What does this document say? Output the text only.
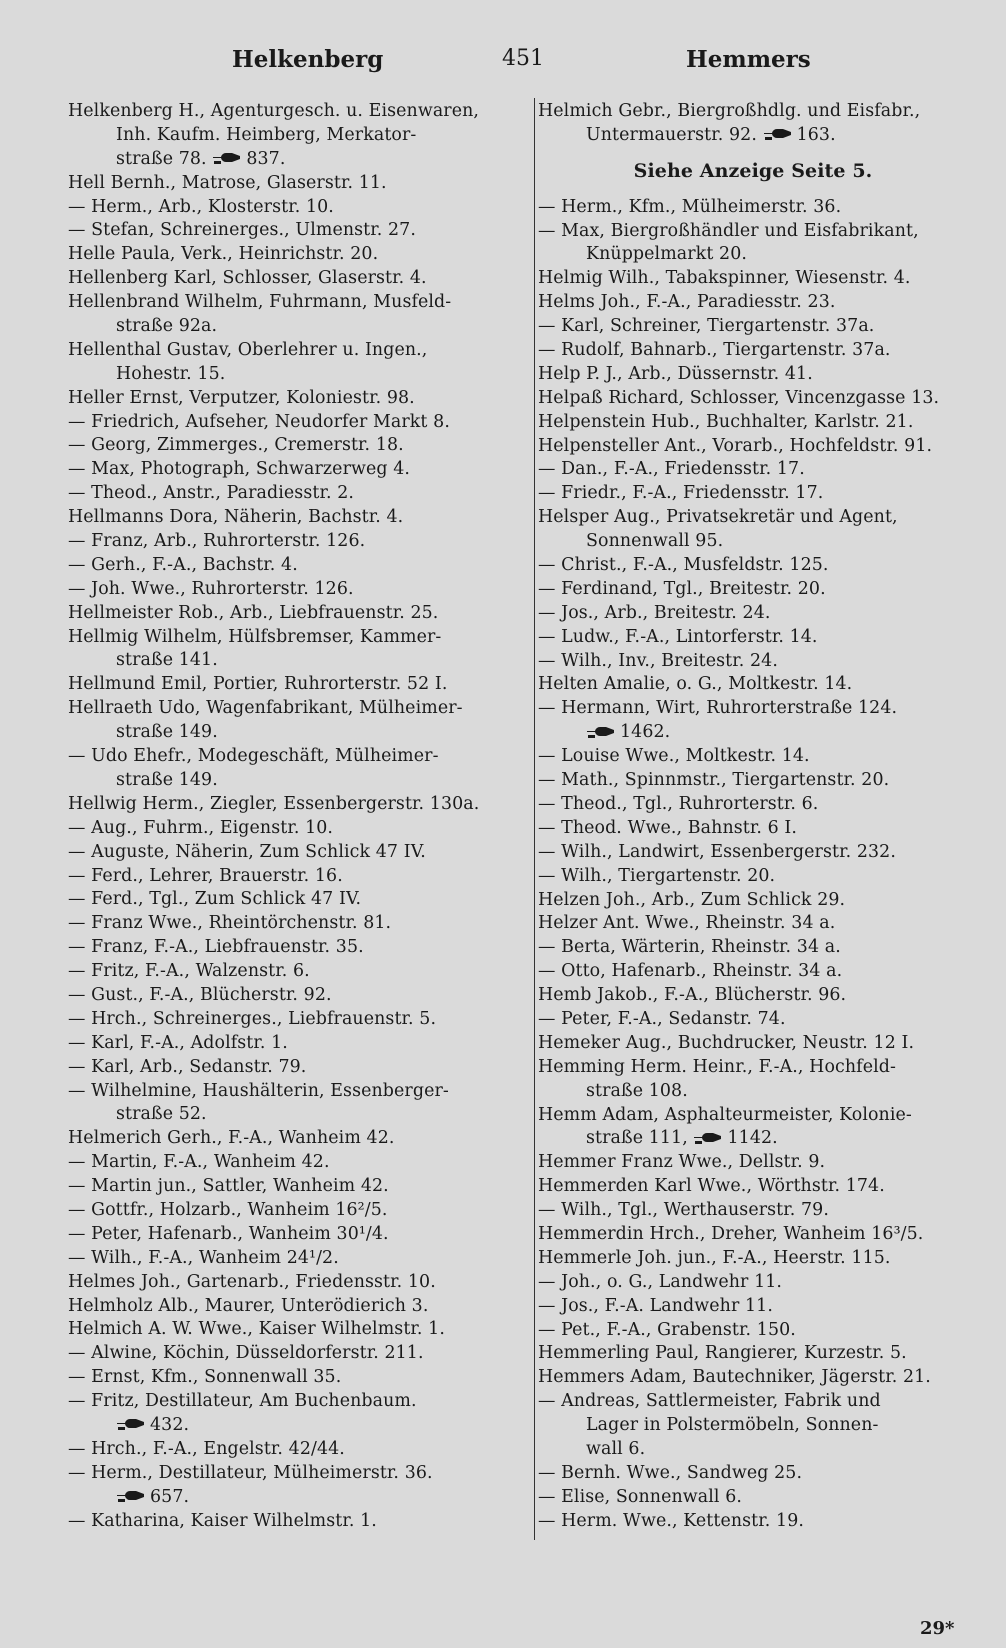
Helkenberg	451	Hemmers
Helkenberg H., Agenturgesch. u. Eisenwaren,
Inh. Kaufm. Heimberg, Merkator-
straße 78.
837.
Hell Bernh., Matrose, Glaserstr. 11.
— Herm., Arb., Klosterstr. 10.
— Stefan, Schreinerges., Ulmenstr. 27.
Helle Paula, Verk., Heinrichstr. 20.
Hellenberg Karl, Schlosser, Glaserstr. 4.
Hellenbrand Wilhelm, Fuhrmann, Musfeld-
straße 92a.
Hellenthal Gustav, Oberlehrer u. Ingen.,
Hohestr. 15.
Heller Ernst, Verputzer, Koloniestr. 98.
— Friedrich, Aufseher, Neudorfer Markt 8.
— Georg, Zimmerges., Cremerstr. 18.
— Max, Photograph, Schwarzerweg 4.
— Theod., Anstr., Paradiesstr. 2.
Hellmanns Dora, Näherin, Bachstr. 4.
— Franz, Arb., Ruhrorterstr. 126.
— Gerh., F.-A., Bachstr. 4.
— Joh. Wwe., Ruhrorterstr. 126.
Hellmeister Rob., Arb., Liebfrauenstr. 25.
Hellmig Wilhelm, Hülfsbremser, Kammer-
straße 141.
Hellmund Emil, Portier, Ruhrorterstr. 52 I.
Hellraeth Udo, Wagenfabrikant, Mülheimer-
straße 149.
— Udo Ehefr., Modegeschäft, Mülheimer-
straße 149.
Hellwig Herm., Ziegler, Essenbergerstr. 130a.
— Aug., Fuhrm., Eigenstr. 10.
— Auguste, Näherin, Zum Schlick 47 IV.
— Ferd., Lehrer, Brauerstr. 16.
— Ferd., Tgl., Zum Schlick 47 IV.
— Franz Wwe., Rheintörchenstr. 81.
— Franz, F.-A., Liebfrauenstr. 35.
— Fritz, F.-A., Walzenstr. 6.
— Gust., F.-A., Blücherstr. 92.
— Hrch., Schreinerges., Liebfrauenstr. 5.
— Karl, F.-A., Adolfstr. 1.
— Karl, Arb., Sedanstr. 79.
— Wilhelmine, Haushälterin, Essenberger-
straße 52.
Helmerich Gerh., F.-A., Wanheim 42.
— Martin, F.-A., Wanheim 42.
— Martin jun., Sattler, Wanheim 42.
— Gottfr., Holzarb., Wanheim 16²/5.
— Peter, Hafenarb., Wanheim 30¹/4.
— Wilh., F.-A., Wanheim 24¹/2.
Helmes Joh., Gartenarb., Friedensstr. 10.
Helmholz Alb., Maurer, Unterödierich 3.
Helmich A. W. Wwe., Kaiser Wilhelmstr. 1.
— Alwine, Köchin, Düsseldorferstr. 211.
— Ernst, Kfm., Sonnenwall 35.
— Fritz, Destillateur, Am Buchenbaum.
432.
— Hrch., F.-A., Engelstr. 42/44.
— Herm., Destillateur, Mülheimerstr. 36.
657.
— Katharina, Kaiser Wilhelmstr. 1.
Helmich Gebr., Biergroßhdlg. und Eisfabr.,
Untermauerstr. 92.
163.
Siehe Anzeige Seite 5.
— Herm., Kfm., Mülheimerstr. 36.
— Max, Biergroßhändler und Eisfabrikant,
Knüppelmarkt 20.
Helmig Wilh., Tabakspinner, Wiesenstr. 4.
Helms Joh., F.-A., Paradiesstr. 23.
— Karl, Schreiner, Tiergartenstr. 37a.
— Rudolf, Bahnarb., Tiergartenstr. 37a.
Help P. J., Arb., Düssernstr. 41.
Helpaß Richard, Schlosser, Vincenzgasse 13.
Helpenstein Hub., Buchhalter, Karlstr. 21.
Helpensteller Ant., Vorarb., Hochfeldstr. 91.
— Dan., F.-A., Friedensstr. 17.
— Friedr., F.-A., Friedensstr. 17.
Helsper Aug., Privatsekretär und Agent,
Sonnenwall 95.
— Christ., F.-A., Musfeldstr. 125.
— Ferdinand, Tgl., Breitestr. 20.
— Jos., Arb., Breitestr. 24.
— Ludw., F.-A., Lintorferstr. 14.
— Wilh., Inv., Breitestr. 24.
Helten Amalie, o. G., Moltkestr. 14.
— Hermann, Wirt, Ruhrorterstraße 124.
1462.
— Louise Wwe., Moltkestr. 14.
— Math., Spinnmstr., Tiergartenstr. 20.
— Theod., Tgl., Ruhrorterstr. 6.
— Theod. Wwe., Bahnstr. 6 I.
— Wilh., Landwirt, Essenbergerstr. 232.
— Wilh., Tiergartenstr. 20.
Helzen Joh., Arb., Zum Schlick 29.
Helzer Ant. Wwe., Rheinstr. 34 a.
— Berta, Wärterin, Rheinstr. 34 a.
— Otto, Hafenarb., Rheinstr. 34 a.
Hemb Jakob., F.-A., Blücherstr. 96.
— Peter, F.-A., Sedanstr. 74.
Hemeker Aug., Buchdrucker, Neustr. 12 I.
Hemming Herm. Heinr., F.-A., Hochfeld-
straße 108.
Hemm Adam, Asphalteurmeister, Kolonie-
straße 111,
1142.
Hemmer Franz Wwe., Dellstr. 9.
Hemmerden Karl Wwe., Wörthstr. 174.
— Wilh., Tgl., Werthauserstr. 79.
Hemmerdin Hrch., Dreher, Wanheim 16³/5.
Hemmerle Joh. jun., F.-A., Heerstr. 115.
— Joh., o. G., Landwehr 11.
— Jos., F.-A. Landwehr 11.
— Pet., F.-A., Grabenstr. 150.
Hemmerling Paul, Rangierer, Kurzestr. 5.
Hemmers Adam, Bautechniker, Jägerstr. 21.
— Andreas, Sattlermeister, Fabrik und
Lager in Polstermöbeln, Sonnen-
wall 6.
— Bernh. Wwe., Sandweg 25.
— Elise, Sonnenwall 6.
— Herm. Wwe., Kettenstr. 19.
29*
